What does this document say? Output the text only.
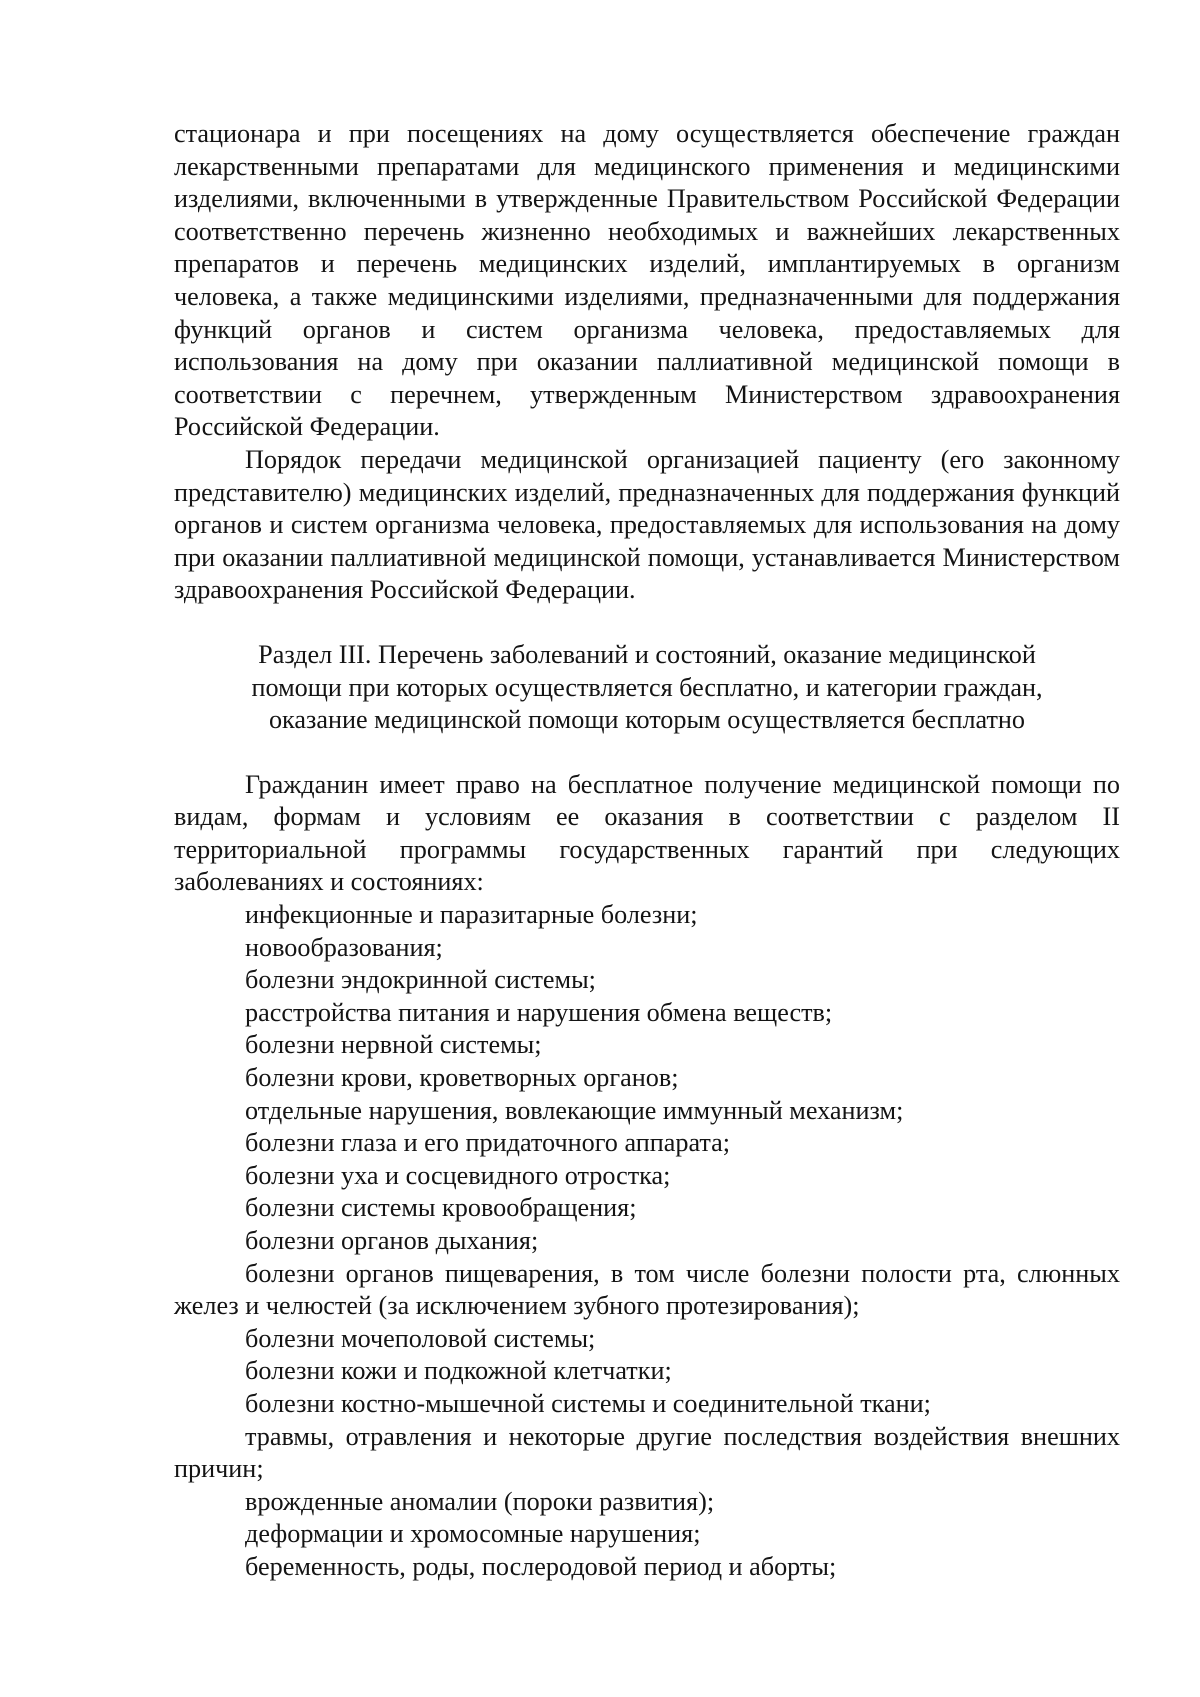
стационара и при посещениях на дому осуществляется обеспечение граждан лекарственными препаратами для медицинского применения и медицинскими изделиями, включенными в утвержденные Правительством Российской Федерации соответственно перечень жизненно необходимых и важнейших лекарственных препаратов и перечень медицинских изделий, имплантируемых в организм человека, а также медицинскими изделиями, предназначенными для поддержания функций органов и систем организма человека, предоставляемых для использования на дому при оказании паллиативной медицинской помощи в соответствии с перечнем, утвержденным Министерством здравоохранения Российской Федерации.

Порядок передачи медицинской организацией пациенту (его законному представителю) медицинских изделий, предназначенных для поддержания функций органов и систем организма человека, предоставляемых для использования на дому при оказании паллиативной медицинской помощи, устанавливается Министерством здравоохранения Российской Федерации.

Раздел III. Перечень заболеваний и состояний, оказание медицинской
помощи при которых осуществляется бесплатно, и категории граждан,
оказание медицинской помощи которым осуществляется бесплатно

Гражданин имеет право на бесплатное получение медицинской помощи по видам, формам и условиям ее оказания в соответствии с разделом II территориальной программы государственных гарантий при следующих заболеваниях и состояниях:

инфекционные и паразитарные болезни;
новообразования;
болезни эндокринной системы;
расстройства питания и нарушения обмена веществ;
болезни нервной системы;
болезни крови, кроветворных органов;
отдельные нарушения, вовлекающие иммунный механизм;
болезни глаза и его придаточного аппарата;
болезни уха и сосцевидного отростка;
болезни системы кровообращения;
болезни органов дыхания;
болезни органов пищеварения, в том числе болезни полости рта, слюнных желез и челюстей (за исключением зубного протезирования);
болезни мочеполовой системы;
болезни кожи и подкожной клетчатки;
болезни костно-мышечной системы и соединительной ткани;
травмы, отравления и некоторые другие последствия воздействия внешних причин;
врожденные аномалии (пороки развития);
деформации и хромосомные нарушения;
беременность, роды, послеродовой период и аборты;
